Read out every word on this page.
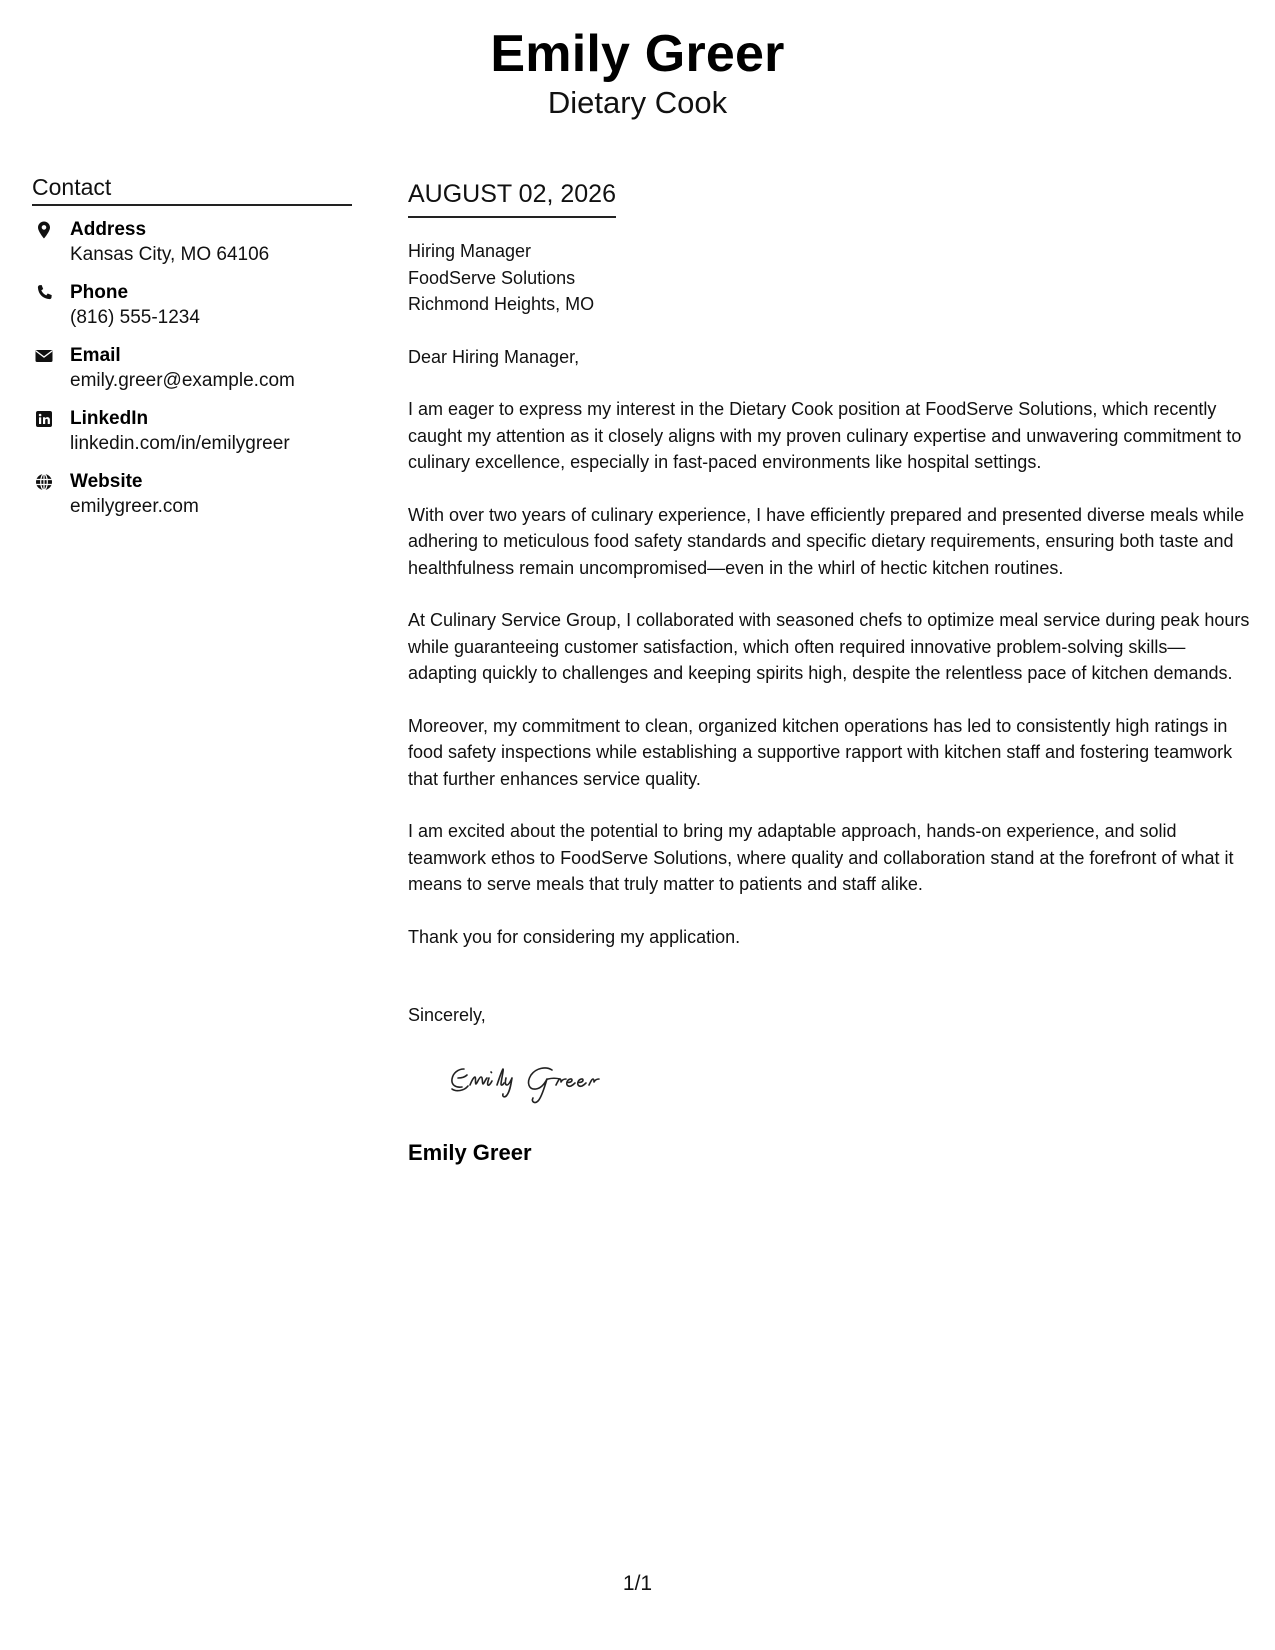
Emily Greer
Dietary Cook
Contact
Address
Kansas City, MO 64106
Phone
(816) 555-1234
Email
emily.greer@example.com
LinkedIn
linkedin.com/in/emilygreer
Website
emilygreer.com
AUGUST 02, 2026
Hiring Manager
FoodServe Solutions
Richmond Heights, MO

Dear Hiring Manager,

I am eager to express my interest in the Dietary Cook position at FoodServe Solutions, which recently caught my attention as it closely aligns with my proven culinary expertise and unwavering commitment to culinary excellence, especially in fast-paced environments like hospital settings.

With over two years of culinary experience, I have efficiently prepared and presented diverse meals while adhering to meticulous food safety standards and specific dietary requirements, ensuring both taste and healthfulness remain uncompromised—even in the whirl of hectic kitchen routines.

At Culinary Service Group, I collaborated with seasoned chefs to optimize meal service during peak hours while guaranteeing customer satisfaction, which often required innovative problem-solving skills—adapting quickly to challenges and keeping spirits high, despite the relentless pace of kitchen demands.

Moreover, my commitment to clean, organized kitchen operations has led to consistently high ratings in food safety inspections while establishing a supportive rapport with kitchen staff and fostering teamwork that further enhances service quality.

I am excited about the potential to bring my adaptable approach, hands-on experience, and solid teamwork ethos to FoodServe Solutions, where quality and collaboration stand at the forefront of what it means to serve meals that truly matter to patients and staff alike.

Thank you for considering my application.

Sincerely,

Emily Greer
1/1
